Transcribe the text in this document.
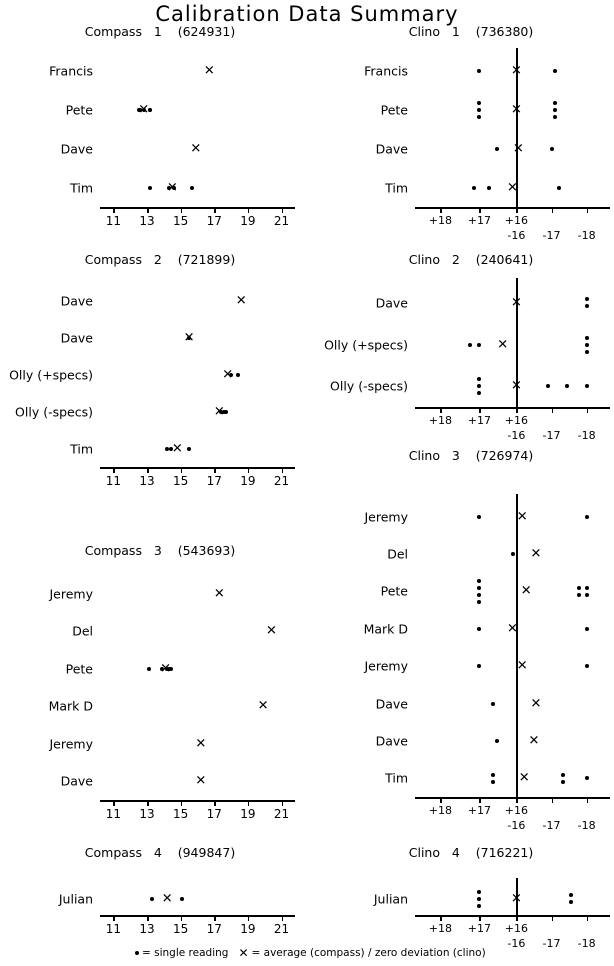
Calibration Data Summary
Compass   1    (624931)
11	13	15	17	19	21
Francis	✕
Pete	✕
Dave	✕
Tim	✕
Clino   1    (736380)
+18	+17	+16
-16	-17	-18
Francis	✕
Pete	✕
Dave	✕
Tim	✕
Compass   2    (721899)
11	13	15	17	19	21
Dave	✕
Dave	✕
Olly (+specs)	✕
Olly (-specs)	✕
Tim	✕
Clino   2    (240641)
+18	+17	+16
-16	-17	-18
Dave	✕
Olly (+specs)	✕
Olly (-specs)	✕
Clino   3    (726974)
+18	+17	+16
-16	-17	-18
Jeremy	✕
Del	✕
Pete	✕
Mark D	✕
Jeremy	✕
Dave	✕
Dave	✕
Tim	✕
Compass   3    (543693)
11	13	15	17	19	21
Jeremy	✕
Del	✕
Pete	✕
Mark D	✕
Jeremy	✕
Dave	✕
Compass   4    (949847)
11	13	15	17	19	21
Julian	✕
Clino   4    (716221)
+18	+17	+16
-16	-17	-18
Julian	✕

= single reading ✕ = average (compass) / zero deviation (clino)
